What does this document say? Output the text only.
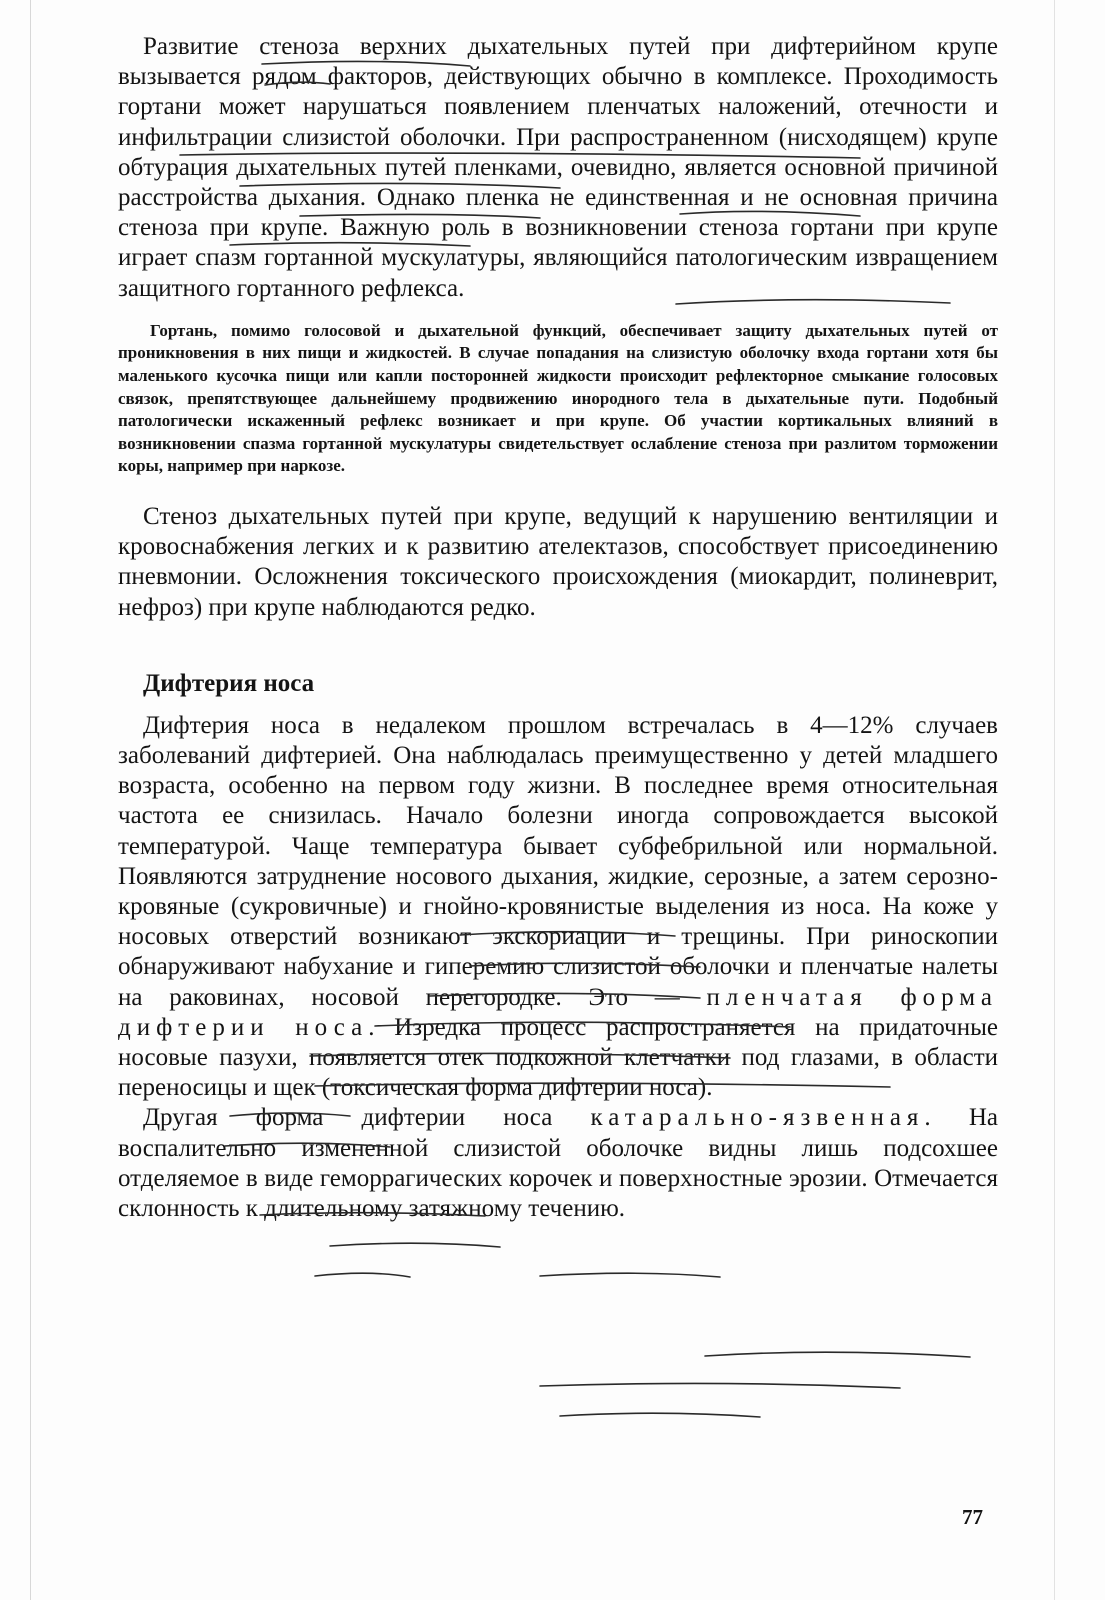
Развитие стеноза верхних дыхательных путей при дифтерийном крупе вызывается рядом факторов, действующих обычно в комплексе. Проходимость гортани может нарушаться появлением пленчатых наложений, отечности и инфильтрации слизистой оболочки. При распространенном (нисходящем) крупе обтурация дыхательных путей пленками, очевидно, является основной причиной расстройства дыхания. Однако пленка не единственная и не основная причина стеноза при крупе. Важную роль в возникновении стеноза гортани при крупе играет спазм гортанной мускулатуры, являющийся патологическим извращением защитного гортанного рефлекса.

Гортань, помимо голосовой и дыхательной функций, обеспечивает защиту дыхательных путей от проникновения в них пищи и жидкостей. В случае попадания на слизистую оболочку входа гортани хотя бы маленького кусочка пищи или капли посторонней жидкости происходит рефлекторное смыкание голосовых связок, препятствующее дальнейшему продвижению инородного тела в дыхательные пути. Подобный патологически искаженный рефлекс возникает и при крупе. Об участии кортикальных влияний в возникновении спазма гортанной мускулатуры свидетельствует ослабление стеноза при разлитом торможении коры, например при наркозе.

Стеноз дыхательных путей при крупе, ведущий к нарушению вентиляции и кровоснабжения легких и к развитию ателектазов, способствует присоединению пневмонии. Осложнения токсического происхождения (миокардит, полиневрит, нефроз) при крупе наблюдаются редко.

Дифтерия носа

Дифтерия носа в недалеком прошлом встречалась в 4—12% случаев заболеваний дифтерией. Она наблюдалась преимущественно у детей младшего возраста, особенно на первом году жизни. В последнее время относительная частота ее снизилась. Начало болезни иногда сопровождается высокой температурой. Чаще температура бывает субфебрильной или нормальной. Появляются затруднение носового дыхания, жидкие, серозные, а затем серозно-кровяные (сукровичные) и гнойно-кровянистые выделения из носа. На коже у носовых отверстий возникают экскориации и трещины. При риноскопии обнаруживают набухание и гиперемию слизистой оболочки и пленчатые налеты на раковинах, носовой перегородке. Это — пленчатая форма дифтерии носа. Изредка процесс распространяется на придаточные носовые пазухи, появляется отек подкожной клетчатки под глазами, в области переносицы и щек (токсическая форма дифтерии носа).

Другая форма дифтерии носа катарально-язвенная. На воспалительно измененной слизистой оболочке видны лишь подсохшее отделяемое в виде геморрагических корочек и поверхностные эрозии. Отмечается склонность к длительному затяжному течению.

77
